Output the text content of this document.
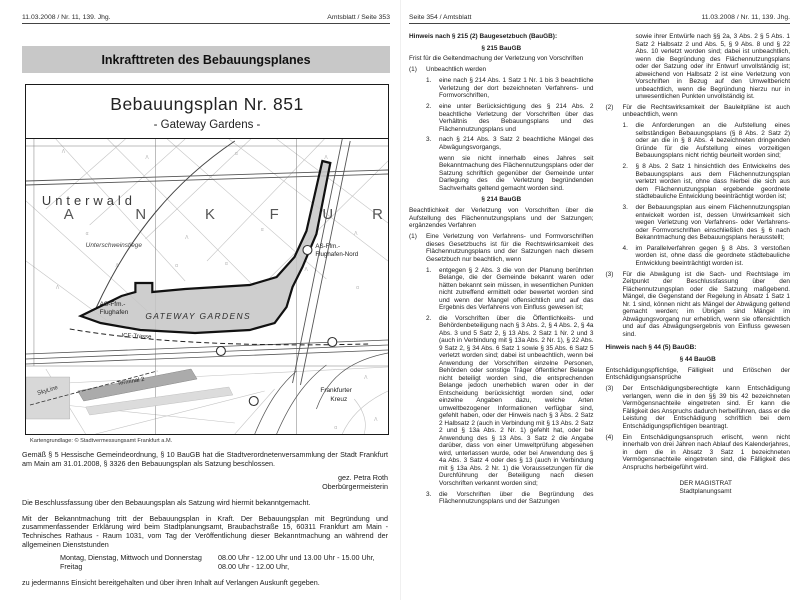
11.03.2008 / Nr. 11, 139. Jhg.	Amtsblatt / Seite 353
Inkrafttreten des Bebauungsplanes
Bebauungsplan Nr. 851
- Gateway Gardens -
Λ
Λ
α
Λ
α
Λ
α
Λ
Λ	α
Λ
α
Λ
α
Λ
Λ
α
A	N	K	F	U	R
Unterwald
Unterschweinstiege	AS-Ffm.-
Flughafen-Nord
AS-Ffm.-
Flughafen GATEWAY GARDENS
ICE-Trasse
SkyLine
Terminal 2
Frankfurter
Kreuz
Kartengrundlage: © Stadtvermessungsamt Frankfurt a.M.

Gemäß § 5 Hessische Gemeindeordnung, § 10 BauGB hat die Stadtverordnetenversammlung der Stadt Frankfurt am Main am 31.01.2008, § 3326 den Bebauungsplan als Satzung beschlossen.

gez. Petra Roth
Oberbürgermeisterin

Die Beschlussfassung über den Bebauungsplan als Satzung wird hiermit bekanntgemacht.

Mit der Bekanntmachung tritt der Bebauungsplan in Kraft. Der Bebauungsplan mit Begründung und zusammenfassender Erklärung wird beim Stadtplanungsamt, Braubachstraße 15, 60311 Frankfurt am Main - Technisches Rathaus - Raum 1031, vom Tag der Veröffentlichung dieser Bekanntmachung an während der allgemeinen Dienststunden

Montag, Dienstag, Mittwoch und Donnerstag	08.00 Uhr - 12.00 Uhr und 13.00 Uhr - 15.00 Uhr,
Freitag	08.00 Uhr - 12.00 Uhr,

zu jedermanns Einsicht bereitgehalten und über ihren Inhalt auf Verlangen Auskunft gegeben.

Seite 354 / Amtsblatt	11.03.2008 / Nr. 11, 139. Jhg.
Hinweis nach § 215 (2) Baugesetzbuch (BauGB):
§ 215 BauGB
Frist für die Geltendmachung der Verletzung von Vorschriften
(1)	Unbeachtlich werden
1.	eine nach § 214 Abs. 1 Satz 1 Nr. 1 bis 3 beachtliche Verletzung der dort bezeichneten Verfahrens- und Formvorschriften,
2.	eine unter Berücksichtigung des § 214 Abs. 2 beachtliche Verletzung der Vorschriften über das Verhältnis des Bebauungsplans und des Flächennutzungsplans und
3.	nach § 214 Abs. 3 Satz 2 beachtliche Mängel des Abwägungsvorgangs,
wenn sie nicht innerhalb eines Jahres seit Bekanntmachung des Flächennutzungsplans oder der Satzung schriftlich gegenüber der Gemeinde unter Darlegung des die Verletzung begründenden Sachverhalts geltend gemacht worden sind.
§ 214 BauGB
Beachtlichkeit der Verletzung von Vorschriften über die Aufstellung des Flächennutzungsplans und der Satzungen; ergänzendes Verfahren
(1)	Eine Verletzung von Verfahrens- und Formvorschriften dieses Gesetzbuchs ist für die Rechtswirksamkeit des Flächennutzungsplans und der Satzungen nach diesem Gesetzbuch nur beachtlich, wenn
1.	entgegen § 2 Abs. 3 die von der Planung berührten Belange, die der Gemeinde bekannt waren oder hätten bekannt sein müssen, in wesentlichen Punkten nicht zutreffend ermittelt oder bewertet worden sind und wenn der Mangel offensichtlich und auf das Ergebnis des Verfahrens von Einfluss gewesen ist;
2.	die Vorschriften über die Öffentlichkeits- und Behördenbeteiligung nach § 3 Abs. 2, § 4 Abs. 2, § 4a Abs. 3 und 5 Satz 2, § 13 Abs. 2 Satz 1 Nr. 2 und 3 (auch in Verbindung mit § 13a Abs. 2 Nr. 1), § 22 Abs. 9 Satz 2, § 34 Abs. 6 Satz 1 sowie § 35 Abs. 6 Satz 5 verletzt worden sind; dabei ist unbeachtlich, wenn bei Anwendung der Vorschriften einzelne Personen, Behörden oder sonstige Träger öffentlicher Belange nicht beteiligt worden sind, die entsprechenden Belange jedoch unerheblich waren oder in der Entscheidung berücksichtigt worden sind, oder einzelne Angaben dazu, welche Arten umweltbezogener Informationen verfügbar sind, gefehlt haben, oder der Hinweis nach § 3 Abs. 2 Satz 2 Halbsatz 2 (auch in Verbindung mit § 13 Abs. 2 Satz 2 und § 13a Abs. 2 Nr. 1) gefehlt hat, oder bei Anwendung des § 13 Abs. 3 Satz 2 die Angabe darüber, dass von einer Umweltprüfung abgesehen wird, unterlassen wurde, oder bei Anwendung des § 4a Abs. 3 Satz 4 oder des § 13 (auch in Verbindung mit § 13a Abs. 2 Nr. 1) die Voraussetzungen für die Durchführung der Beteiligung nach diesen Vorschriften verkannt worden sind;
3.	die Vorschriften über die Begründung des Flächennutzungsplans und der Satzungen
sowie ihrer Entwürfe nach §§ 2a, 3 Abs. 2 § 5 Abs. 1 Satz 2 Halbsatz 2 und Abs. 5, § 9 Abs. 8 und § 22 Abs. 10 verletzt worden sind; dabei ist unbeachtlich, wenn die Begründung des Flächennutzungsplans oder der Satzung oder ihr Entwurf unvollständig ist; abweichend von Halbsatz 2 ist eine Verletzung von Vorschriften in Bezug auf den Umweltbericht unbeachtlich, wenn die Begründung hierzu nur in unwesentlichen Punkten unvollständig ist.
(2)	Für die Rechtswirksamkeit der Bauleitpläne ist auch unbeachtlich, wenn
1.	die Anforderungen an die Aufstellung eines selbständigen Bebauungsplans (§ 8 Abs. 2 Satz 2) oder an die in § 8 Abs. 4 bezeichneten dringenden Gründe für die Aufstellung eines vorzeitigen Bebauungsplans nicht richtig beurteilt worden sind;
2.	§ 8 Abs. 2 Satz 1 hinsichtlich des Entwickelns des Bebauungsplans aus dem Flächennutzungsplan verletzt worden ist, ohne dass hierbei die sich aus dem Flächennutzungsplan ergebende geordnete städtebauliche Entwicklung beeinträchtigt worden ist;
3.	der Bebauungsplan aus einem Flächennutzungsplan entwickelt worden ist, dessen Unwirksamkeit sich wegen Verletzung von Verfahrens- oder Verfahrens- oder Formvorschriften einschließlich des § 6 nach Bekanntmachung des Bebauungsplans herausstellt;
4.	im Parallelverfahren gegen § 8 Abs. 3 verstoßen worden ist, ohne dass die geordnete städtebauliche Entwicklung beeinträchtigt worden ist.
(3)	Für die Abwägung ist die Sach- und Rechtslage im Zeitpunkt der Beschlussfassung über den Flächennutzungsplan oder die Satzung maßgebend. Mängel, die Gegenstand der Regelung in Absatz 1 Satz 1 Nr. 1 sind, können nicht als Mängel der Abwägung geltend gemacht werden; im Übrigen sind Mängel im Abwägungsvorgang nur erheblich, wenn sie offensichtlich und auf das Abwägungsergebnis von Einfluss gewesen sind.
Hinweis nach § 44 (5) BauGB:
§ 44 BauGB
Entschädigungspflichtige, Fälligkeit und Erlöschen der Entschädigungsansprüche
(3)	Der Entschädigungsberechtigte kann Entschädigung verlangen, wenn die in den §§ 39 bis 42 bezeichneten Vermögensnachteile eingetreten sind. Er kann die Fälligkeit des Anspruchs dadurch herbeiführen, dass er die Leistung der Entschädigung schriftlich bei dem Entschädigungspflichtigen beantragt.
(4)	Ein Entschädigungsanspruch erlischt, wenn nicht innerhalb von drei Jahren nach Ablauf des Kalenderjahres, in dem die in Absatz 3 Satz 1 bezeichneten Vermögensnachteile eingetreten sind, die Fälligkeit des Anspruchs herbeigeführt wird.
DER MAGISTRAT
Stadtplanungsamt
